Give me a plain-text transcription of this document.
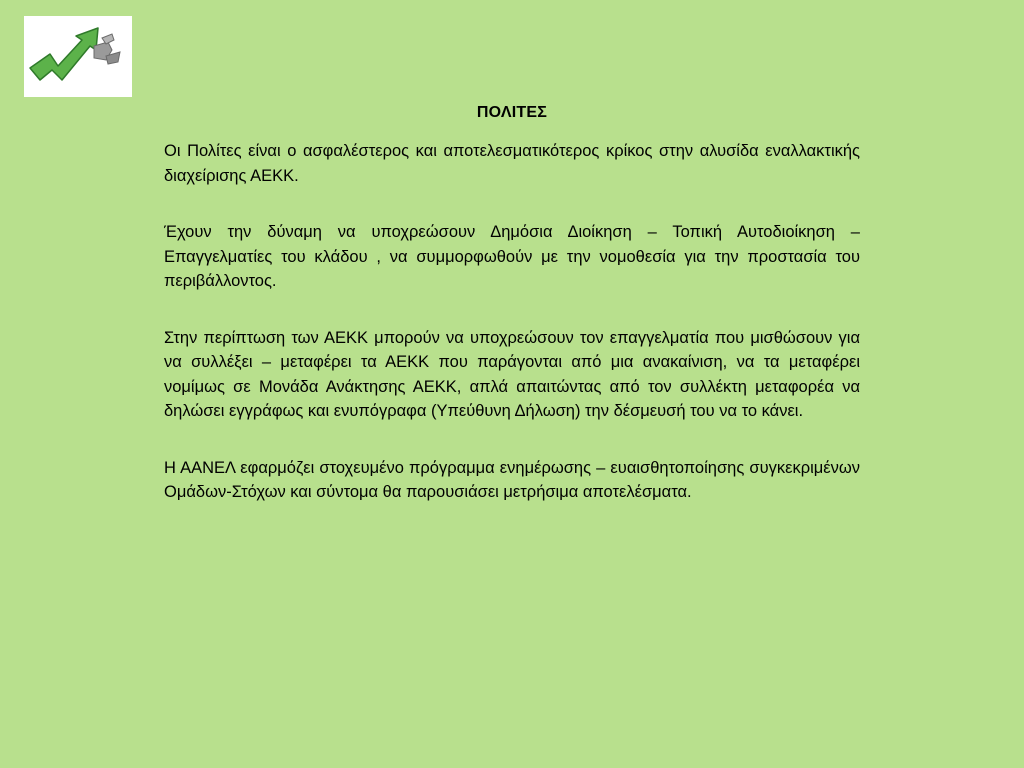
ΠΟΛΙΤΕΣ

Οι Πολίτες είναι ο ασφαλέστερος και αποτελεσματικότερος κρίκος στην αλυσίδα εναλλακτικής διαχείρισης ΑΕΚΚ.

Έχουν την δύναμη να υποχρεώσουν Δημόσια Διοίκηση – Τοπική Αυτοδιοίκηση – Επαγγελματίες του κλάδου , να συμμορφωθούν με την νομοθεσία για την προστασία του περιβάλλοντος.

Στην περίπτωση των ΑΕΚΚ μπορούν να υποχρεώσουν τον επαγγελματία που μισθώσουν για να συλλέξει – μεταφέρει τα ΑΕΚΚ που παράγονται από μια ανακαίνιση, να τα μεταφέρει νομίμως σε Μονάδα Ανάκτησης ΑΕΚΚ, απλά απαιτώντας από τον συλλέκτη μεταφορέα να δηλώσει εγγράφως και ενυπόγραφα (Υπεύθυνη Δήλωση) την δέσμευσή του να το κάνει.

Η ΑΑΝΕΛ εφαρμόζει στοχευμένο πρόγραμμα ενημέρωσης – ευαισθητοποίησης συγκεκριμένων Ομάδων-Στόχων και σύντομα θα παρουσιάσει μετρήσιμα αποτελέσματα.
